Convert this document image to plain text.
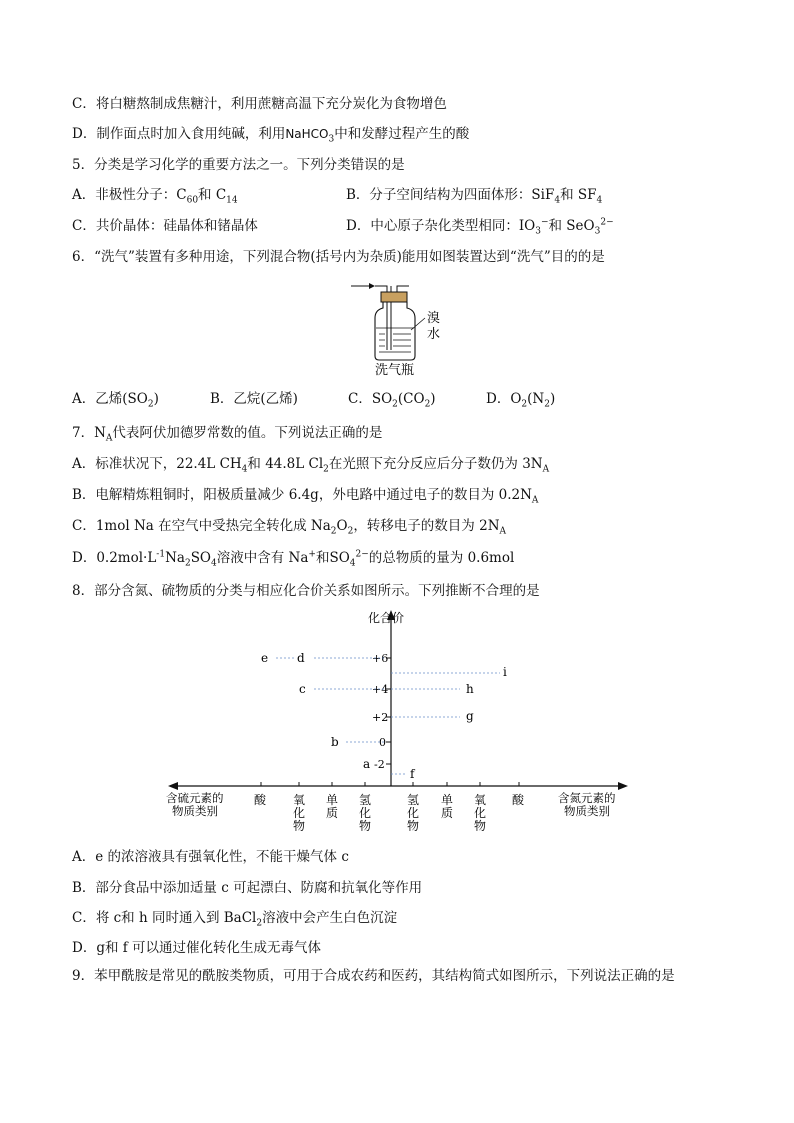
C．将白糖熬制成焦糖汁，利用蔗糖高温下充分炭化为食物增色
D．制作面点时加入食用纯碱，利用NaHCO$_3$中和发酵过程产生的酸
5．分类是学习化学的重要方法之一。下列分类错误的是
A．非极性分子：$C_{60}$和 $C_{14}$	B．分子空间结构为四面体形：SiF$_4$和 $SF_4$
C．共价晶体：硅晶体和锗晶体	D．中心原子杂化类型相同：$IO_3^-$和 SeO$_3^{2-}$
6．“洗气”装置有多种用途，下列混合物(括号内为杂质)能用如图装置达到“洗气”目的的是
溴
水
洗气瓶
A．乙烯$(SO_2)$	B．乙烷(乙烯)	C．$SO_2(CO_2)$	D．$O_2(N_2)$
7．$N_A$代表阿伏加德罗常数的值。下列说法正确的是
A．标准状况下，22.4L $CH_4$和 44.8L $Cl_2$在光照下充分反应后分子数仍为 $3N_A$
B．电解精炼粗铜时，阳极质量减少 6.4g，外电路中通过电子的数目为 $0.2N_A$
C．1mol Na 在空气中受热完全转化成 $Na_2O_2$，转移电子的数目为 $2N_A$
D．$0.2mol\cdot L^{-1}Na_2SO_4$溶液中含有 Na+和$SO_4^{2-}$的总物质的量为 0.6mol
8．部分含氮、硫物质的分类与相应化合价关系如图所示。下列推断不合理的是
化合价
+6
+4
+2
0
-2
e d
c
b
a
f
g
h
i
含硫元素的
物质类别
含氮元素的
物质类别
酸 氧化物
单质
氢化物
氢化物
单质
氧化物
酸
A．e 的浓溶液具有强氧化性，不能干燥气体 c
B．部分食品中添加适量 c 可起漂白、防腐和抗氧化等作用
C．将 c和 h 同时通入到 BaCl$_2$溶液中会产生白色沉淀
D．g和 f 可以通过催化转化生成无毒气体
9．苯甲酰胺是常见的酰胺类物质，可用于合成农药和医药，其结构简式如图所示，下列说法正确的是
